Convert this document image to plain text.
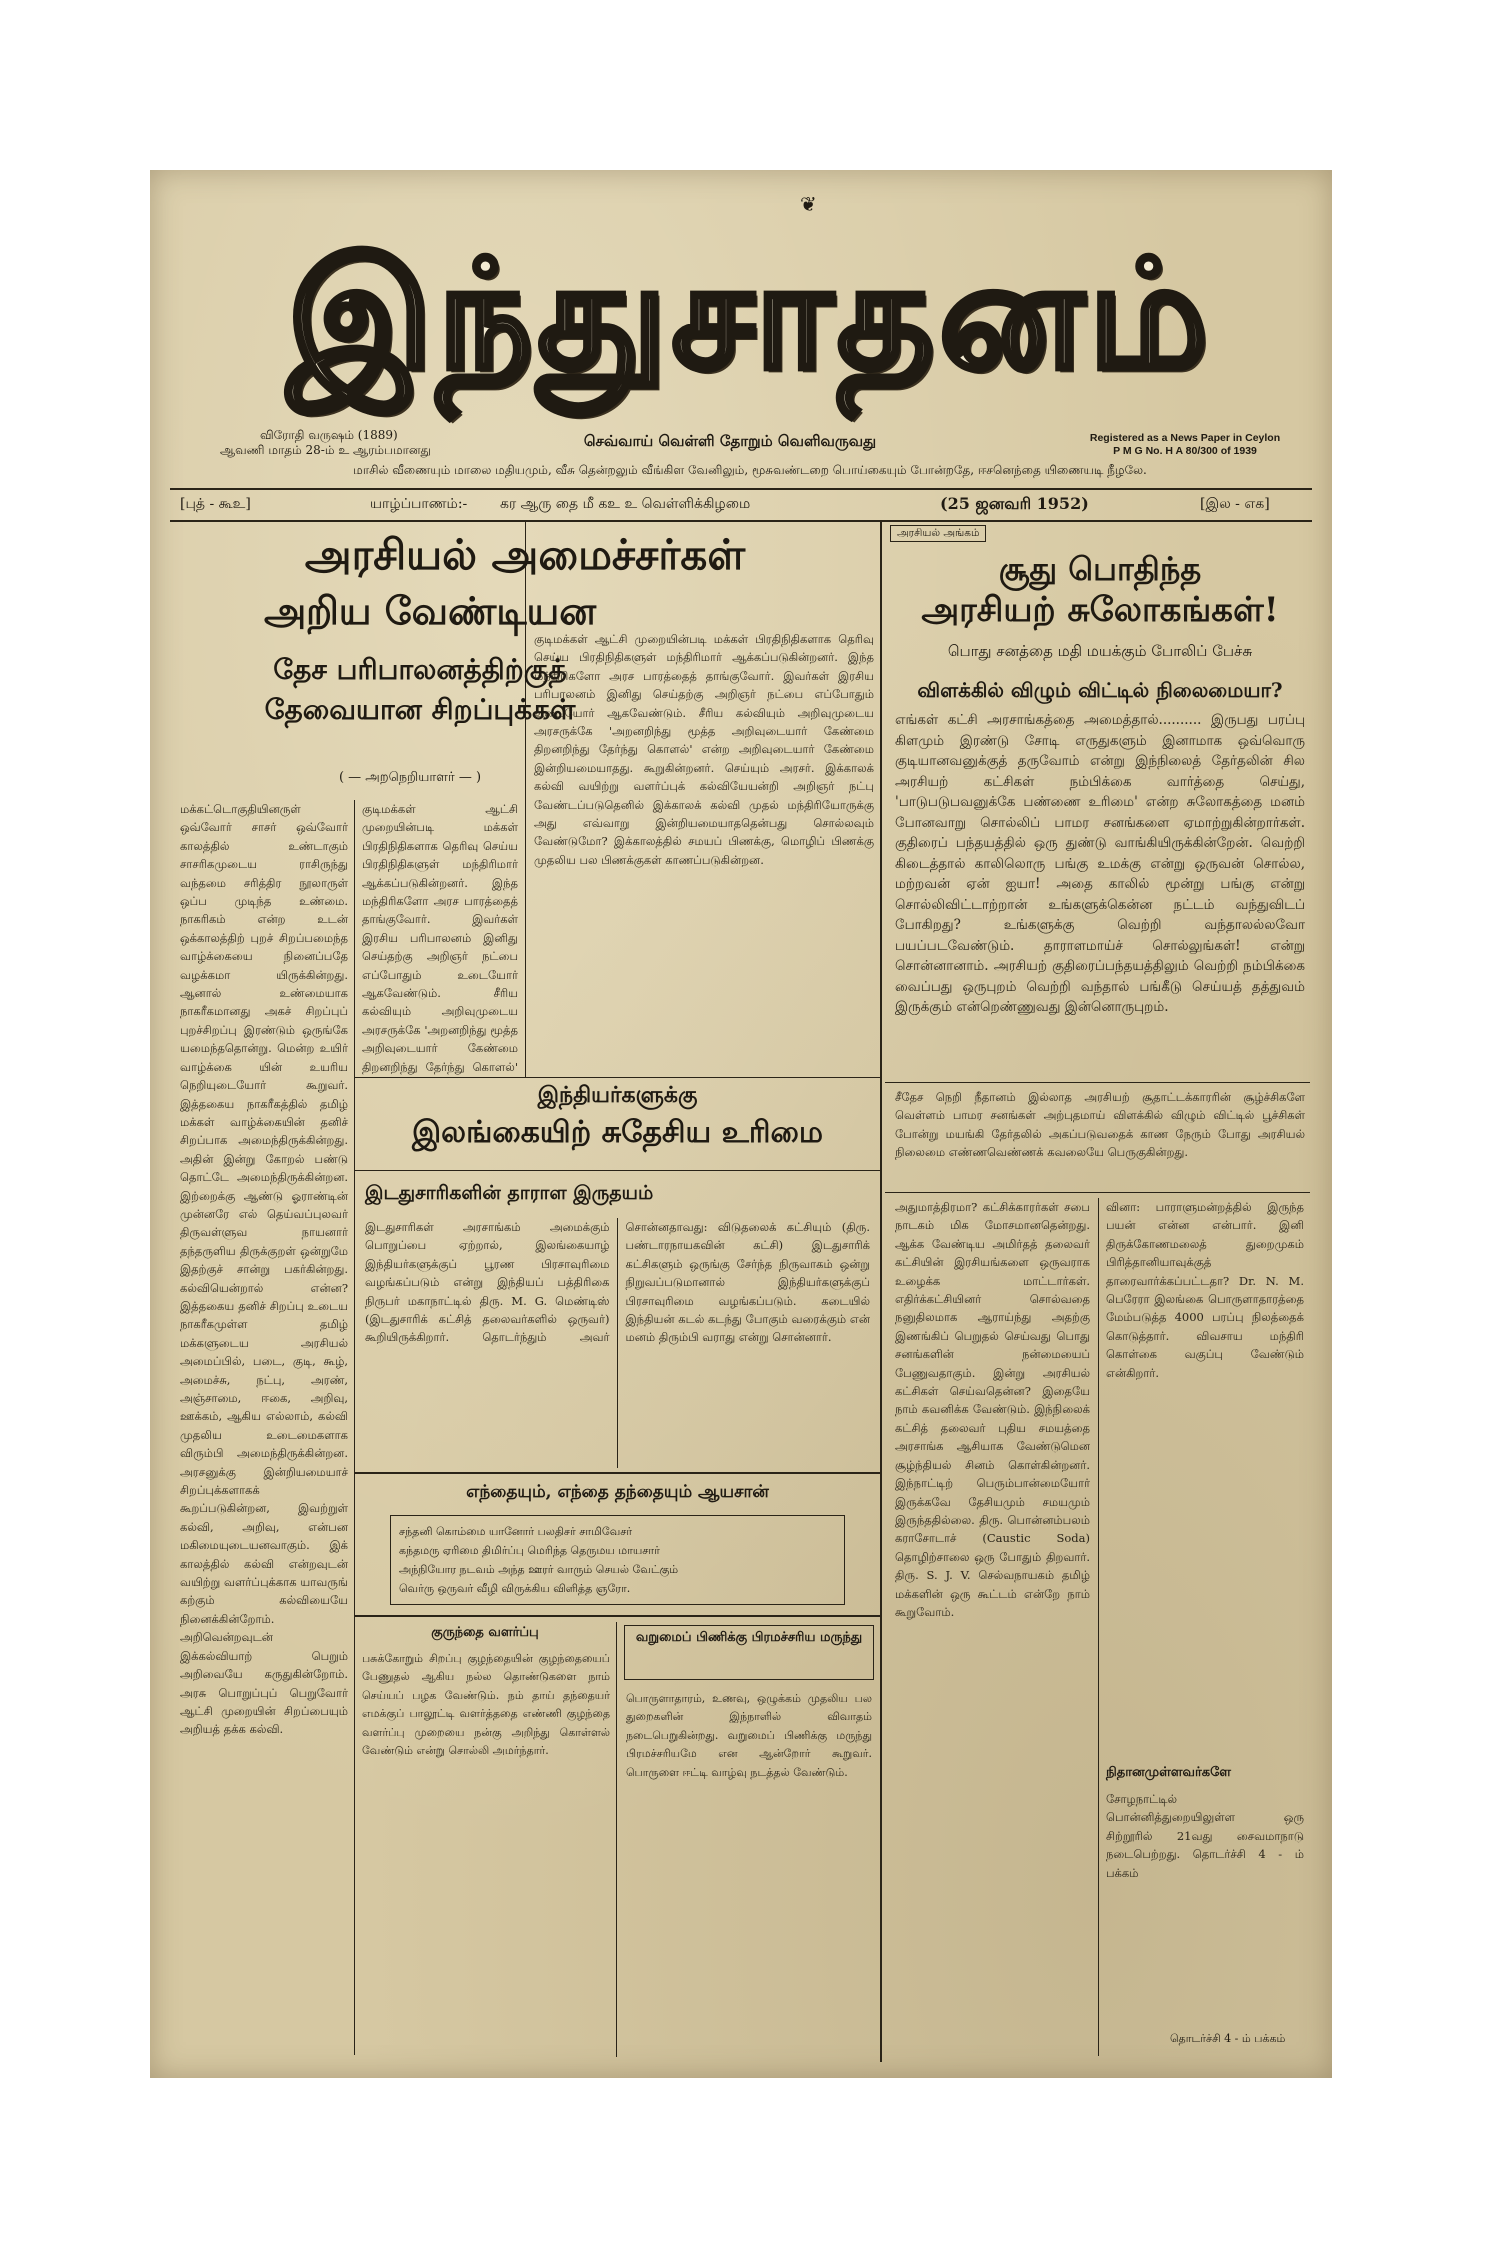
❦
இந்துசாதனம்
விரோதி வருஷம் (1889)
ஆவணி மாதம் 28-ம் உ ஆரம்பமானது	செவ்வாய் வெள்ளி தோறும் வெளிவருவது	Registered as a News Paper in Ceylon
P M G No. H A 80/300 of 1939
மாசில் வீணையும் மாலை மதியமும், வீசு தென்றலும் வீங்கிள வேனிலும், மூசுவண்டறை பொய்கையும் போன்றதே, ஈசனெந்தை யிணையடி நீழலே.
[புத் - கூஉ]	யாழ்ப்பாணம்:- கர ஆரு தை மீ கஉ உ வெள்ளிக்கிழமை	(25 ஜனவரி 1952)	[இல - எக]
அரசியல் அமைச்சர்கள்
அறிய வேண்டியன
தேச பரிபாலனத்திற்குத் தேவையான சிறப்புக்கள்
( — அறநெறியாளர் — )
மக்கட்டொகுதியினருள் ஒவ்வோர் சாசர் ஒவ்வோர் காலத்தில் உண்டாகும் சாசரிகமுடைய ராசிருந்து வந்தமை சரித்திர நூலாருள் ஒப்ப முடிந்த உண்மை. நாகரிகம் என்ற உடன் ஒக்காலத்திற் புறச் சிறப்பமைந்த வாழ்க்கையை நினைப்பதே வழக்கமா யிருக்கின்றது. ஆனால் உண்மையாக நாகரீகமானது அகச் சிறப்புப் புறச்சிறப்பு இரண்டும் ஒருங்கே யமைந்ததொன்று. மென்ற உயிர் வாழ்க்கை யின் உயரிய நெறியுடையோர் கூறுவர். இத்தகைய நாகரீகத்தில் தமிழ் மக்கள் வாழ்க்கையின் தனிச் சிறப்பாக அமைந்திருக்கின்றது. அதின் இன்று கோறல் பண்டு தொட்டே அமைந்திருக்கின்றன. இற்றைக்கு ஆண்டு ஓராண்டின் முன்னரே எல் தெய்வப்புலவர் திருவள்ளுவ நாயனார் தந்தருளிய திருக்குறள் ஒன்றுமே இதற்குச் சான்று பகர்கின்றது. கல்வியென்றால் என்ன? இத்தகைய தனிச் சிறப்பு உடைய நாகரீகமுள்ள தமிழ் மக்களுடைய அரசியல் அமைப்பில், படை, குடி, கூழ், அமைச்சு, நட்பு, அரண், அஞ்சாமை, ஈகை, அறிவு, ஊக்கம், ஆகிய எல்லாம், கல்வி முதலிய உடைமைகளாக விரும்பி அமைந்திருக்கின்றன. அரசனுக்கு இன்றியமையாச் சிறப்புக்களாகக் கூறப்படுகின்றன, இவற்றுள் கல்வி, அறிவு, என்பன மகிமையுடையனவாகும். இக் காலத்தில் கல்வி என்றவுடன் வயிற்று வளர்ப்புக்காக யாவருங் கற்கும் கல்வியையே நினைக்கின்றோம். அறிவென்றவுடன் இக்கல்வியாற் பெறும் அறிவையே கருதுகின்றோம். அரசு பொறுப்புப் பெறுவோர் ஆட்சி முறையின் சிறப்பையும் அறியத் தக்க கல்வி.
குடிமக்கள் ஆட்சி முறையின்படி மக்கள் பிரதிநிதிகளாக தெரிவு செய்ய பிரதிநிதிகளுள் மந்திரிமார் ஆக்கப்படுகின்றனர். இந்த மந்திரிகளோ அரச பாரத்தைத் தாங்குவோர். இவர்கள் இரசிய பரிபாலனம் இனிது செய்தற்கு அறிஞர் நட்பை எப்போதும் உடையோர் ஆகவேண்டும். சீரிய கல்வியும் அறிவுமுடைய அரசருக்கே 'அறனறிந்து மூத்த அறிவுடையார் கேண்மை திறனறிந்து தேர்ந்து கொளல்'
குடிமக்கள் ஆட்சி முறையின்படி மக்கள் பிரதிநிதிகளாக தெரிவு செய்ய பிரதிநிதிகளுள் மந்திரிமார் ஆக்கப்படுகின்றனர். இந்த மந்திரிகளோ அரச பாரத்தைத் தாங்குவோர். இவர்கள் இரசிய பரிபாலனம் இனிது செய்தற்கு அறிஞர் நட்பை எப்போதும் உடையோர் ஆகவேண்டும். சீரிய கல்வியும் அறிவுமுடைய அரசருக்கே 'அறனறிந்து மூத்த அறிவுடையார் கேண்மை திறனறிந்து தேர்ந்து கொளல்' என்ற அறிவுடையார் கேண்மை இன்றியமையாதது. கூறுகின்றனர். செய்யும் அரசர். இக்காலக் கல்வி வயிற்று வளர்ப்புக் கல்வியேயன்றி அறிஞர் நட்பு வேண்டப்படுதெனில் இக்காலக் கல்வி முதல் மந்திரியோருக்கு அது எவ்வாறு இன்றியமையாததென்பது சொல்லவும் வேண்டுமோ? இக்காலத்தில் சமயப் பிணக்கு, மொழிப் பிணக்கு முதலிய பல பிணக்குகள் காணப்படுகின்றன.
அரசியல் அங்கம்
சூது பொதிந்த
அரசியற் சுலோகங்கள்!
பொது சனத்தை மதி மயக்கும் போலிப் பேச்சு
விளக்கில் விழும் விட்டில் நிலைமையா?
எங்கள் கட்சி அரசாங்கத்தை அமைத்தால்.......... இருபது பரப்பு கிளமும் இரண்டு சோடி எருதுகளும் இனாமாக ஒவ்வொரு குடியானவனுக்குத் தருவோம் என்று இந்நிலைத் தேர்தலின் சில அரசியற் கட்சிகள் நம்பிக்கை வார்த்தை செய்து, 'பாடுபடுபவனுக்கே பண்ணை உரிமை' என்ற சுலோகத்தை மனம் போனவாறு சொல்லிப் பாமர சனங்களை ஏமாற்றுகின்றார்கள். குதிரைப் பந்தயத்தில் ஒரு துண்டு வாங்கியிருக்கின்றேன். வெற்றி கிடைத்தால் காலிலொரு பங்கு உமக்கு என்று ஒருவன் சொல்ல, மற்றவன் ஏன் ஐயா! அதை காலில் மூன்று பங்கு என்று சொல்லிவிட்டாற்றான் உங்களுக்கென்ன நட்டம் வந்துவிடப் போகிறது? உங்களுக்கு வெற்றி வந்தாலல்லவோ பயப்படவேண்டும். தாராளமாய்ச் சொல்லுங்கள்! என்று சொன்னானாம். அரசியற் குதிரைப்பந்தயத்திலும் வெற்றி நம்பிக்கை வைப்பது ஒருபுறம் வெற்றி வந்தால் பங்கீடு செய்யத் தத்துவம் இருக்கும் என்றெண்ணுவது இன்னொருபுறம்.
சீதேச நெறி நீதானம் இல்லாத அரசியற் சூதாட்டக்காரரின் சூழ்ச்சிகளே வெள்ளம் பாமர சனங்கள் அற்புதமாய் விளக்கில் விழும் விட்டில் பூச்சிகள் போன்று மயங்கி தேர்தலில் அகப்படுவதைக் காண நேரும் போது அரசியல் நிலைமை எண்ணவெண்ணக் கவலையே பெருகுகின்றது.
அதுமாத்திரமா? கட்சிக்காரர்கள் சபை நாடகம் மிக மோசமானதென்றது. ஆக்க வேண்டிய அமிர்தத் தலைவர் கட்சியின் இரசியங்களை ஒருவராக உழைக்க மாட்டார்கள். எதிர்க்கட்சியினர் சொல்வதை நனுதிலமாக ஆராய்ந்து அதற்கு இணங்கிப் பெறுதல் செய்வது பொது சனங்களின் நன்மையைப் பேணுவதாகும். இன்று அரசியல் கட்சிகள் செய்வதென்ன? இதையே நாம் கவனிக்க வேண்டும். இந்நிலைக் கட்சித் தலைவர் புதிய சமயத்தை அரசாங்க ஆசியாக வேண்டுமென சூழ்ந்தியல் சினம் கொள்கின்றனர். இந்நாட்டிற் பெரும்பான்மையோர் இருக்கவே தேசியமும் சமயமும் இருந்ததில்லை. திரு. பொன்னம்பலம் கராசோடாச் (Caustic Soda) தொழிற்சாலை ஒரு போதும் திறவார். திரு. S. J. V. செல்வநாயகம் தமிழ் மக்களின் ஒரு கூட்டம் என்றே நாம் கூறுவோம்.
வினா: பாராளுமன்றத்தில் இருந்த பயன் என்ன என்பார். இனி திருக்கோணமலைத் துறைமுகம் பிரித்தானியாவுக்குத் தாரைவார்க்கப்பட்டதா? Dr. N. M. பெரேரா இலங்கை பொருளாதாரத்தை மேம்படுத்த 4000 பரப்பு நிலத்தைக் கொடுத்தார். விவசாய மந்திரி கொள்கை வகுப்பு வேண்டும் என்கிறார்.
நிதானமுள்ளவர்களே
சோழநாட்டில் பொன்னித்துறையிலுள்ள ஒரு சிற்றூரில் 21வது சைவமாநாடு நடைபெற்றது. தொடர்ச்சி 4 - ம் பக்கம்
தொடர்ச்சி 4 - ம் பக்கம்
இந்தியர்களுக்கு
இலங்கையிற் சுதேசிய உரிமை
இடதுசாரிகளின் தாராள இருதயம்
இடதுசாரிகள் அரசாங்கம் அமைக்கும் பொறுப்பை ஏற்றால், இலங்கையாழ் இந்தியர்களுக்குப் பூரண பிரசாவுரிமை வழங்கப்படும் என்று இந்தியப் பத்திரிகை நிருபர் மகாநாட்டில் திரு. M. G. மெண்டிஸ் (இடதுசாரிக் கட்சித் தலைவர்களில் ஒருவர்) கூறியிருக்கிறார். தொடர்ந்தும் அவர் சொன்னதாவது: விடுதலைக் கட்சியும் (திரு. பண்டாரநாயகவின் கட்சி) இடதுசாரிக் கட்சிகளும் ஒருங்கு சேர்ந்த நிருவாகம் ஒன்று நிறுவப்படுமானால் இந்தியர்களுக்குப் பிரசாவுரிமை வழங்கப்படும். கடையில் இந்தியன் கடல் கடந்து போகும் வரைக்கும் என் மனம் திரும்பி வராது என்று சொன்னார்.
எந்தையும், எந்தை தந்தையும் ஆயசான்
சந்தனி கொம்மை யானோர் பலதிசர் சாமிவேசர்
கந்தமரு ஏரிமை திமிர்ப்பு மெரிந்த தெருமய மாயசார்
அந்நியோர நடவம் அந்த ஊரர் வாரும் செயல் வேட்கும்
வெர்ரு ஒருவர் வீழி விருக்கிய விளித்த ஞரோ.
குருந்தை வளர்ப்பு
பசுக்கோறும் சிறப்பு குழந்தையின் குழந்தையைப் பேணுதல் ஆகிய நல்ல தொண்டுகளை நாம் செய்யப் பழக வேண்டும். நம் தாய் தந்தையர் எமக்குப் பாலூட்டி வளர்த்ததை எண்ணி குழந்தை வளர்ப்பு முறையை நன்கு அறிந்து கொள்ளல் வேண்டும் என்று சொல்லி அமர்ந்தார்.
வறுமைப் பிணிக்கு பிரமச்சரிய மருந்து
பொருளாதாரம், உணவு, ஒழுக்கம் முதலிய பல துறைகளின் இந்நாளில் விவாதம் நடைபெறுகின்றது. வறுமைப் பிணிக்கு மருந்து பிரமச்சரியமே என ஆன்றோர் கூறுவர். பொருளை ஈட்டி வாழ்வு நடத்தல் வேண்டும்.
